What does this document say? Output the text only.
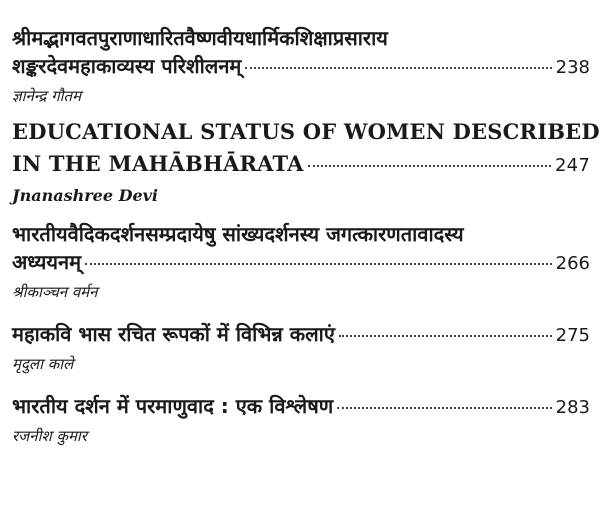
श्रीमद्भागवतपुराणाधारितवैष्णवीयधार्मिकशिक्षाप्रसाराय
शङ्करदेवमहाकाव्यस्य परिशीलनम्	238
ज्ञानेन्द्र गौतम
EDUCATIONAL STATUS OF WOMEN DESCRIBED
IN THE MAHĀBHĀRATA	247
Jnanashree Devi
भारतीयवैदिकदर्शनसम्प्रदायेषु सांख्यदर्शनस्य जगत्कारणतावादस्य
अध्ययनम्	266
श्रीकाञ्चन वर्मन
महाकवि भास रचित रूपकों में विभिन्न कलाएं	275
मृदुला काले
भारतीय दर्शन में परमाणुवाद : एक विश्लेषण	283
रजनीश कुमार
